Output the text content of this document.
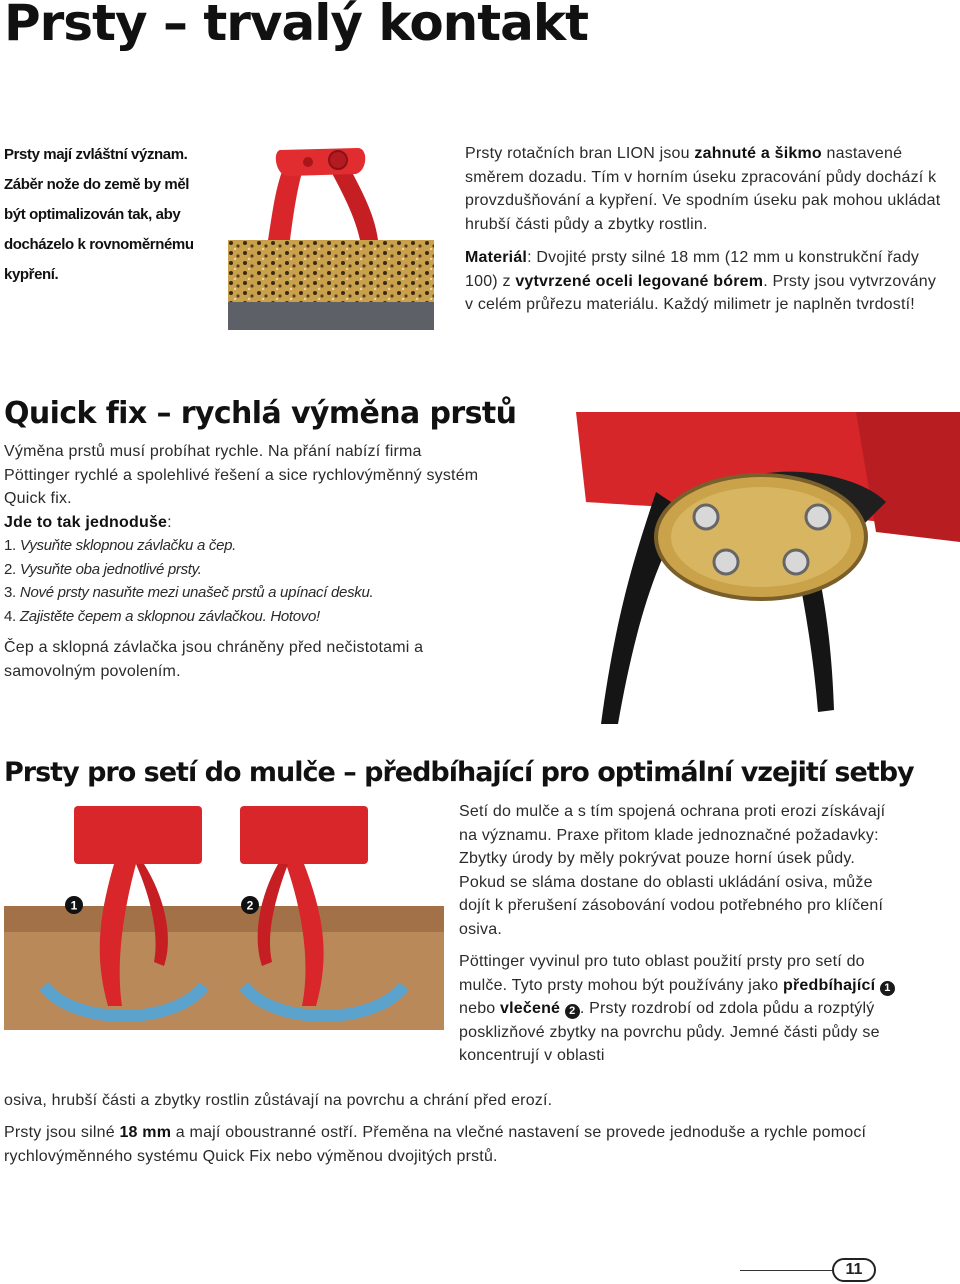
Prsty – trvalý kontakt
Prsty mají zvláštní význam.
Záběr nože do země by měl
být optimalizován tak, aby
docházelo k rovnoměrnému
kypření.

Prsty rotačních bran LION jsou zahnuté a šikmo nastavené směrem dozadu. Tím v horním úseku zpracování půdy dochází k provzdušňování a kypření. Ve spodním úseku pak mohou ukládat hrubší části půdy a zbytky rostlin.

Materiál: Dvojité prsty silné 18 mm (12 mm u konstrukční řady 100) z vytvrzené oceli legované bórem. Prsty jsou vytvrzovány v celém průřezu materiálu. Každý milimetr je naplněn tvrdostí!

Quick fix – rychlá výměna prstů

Výměna prstů musí probíhat rychle. Na přání nabízí firma Pöttinger rychlé a spolehlivé řešení a sice rychlovýměnný systém Quick fix.

Jde to tak jednoduše:

1. Vysuňte sklopnou závlačku a čep.
2. Vysuňte oba jednotlivé prsty.
3. Nové prsty nasuňte mezi unašeč prstů a upínací desku.
4. Zajistěte čepem a sklopnou závlačkou. Hotovo!

Čep a sklopná závlačka jsou chráněny před nečistotami a samovolným povolením.

Prsty pro setí do mulče – předbíhající pro optimální vzejití setby
1	2

Setí do mulče a s tím spojená ochrana proti erozi získávají na významu. Praxe přitom klade jednoznačné požadavky: Zbytky úrody by měly pokrývat pouze horní úsek půdy. Pokud se sláma dostane do oblasti ukládání osiva, může dojít k přerušení zásobování vodou potřebného pro klíčení osiva.

Pöttinger vyvinul pro tuto oblast použití prsty pro setí do mulče. Tyto prsty mohou být používány jako předbíhající 1 nebo vlečené 2 . Prsty rozdrobí od zdola půdu a rozptýlý posklizňové zbytky na povrchu půdy. Jemné části půdy se koncentrují v oblasti

osiva, hrubší části a zbytky rostlin zůstávají na povrchu a chrání před erozí.

Prsty jsou silné 18 mm a mají oboustranné ostří. Přeměna na vlečné nastavení se provede jednoduše a rychle pomocí rychlovýměnného systému Quick Fix nebo výměnou dvojitých prstů.

11
